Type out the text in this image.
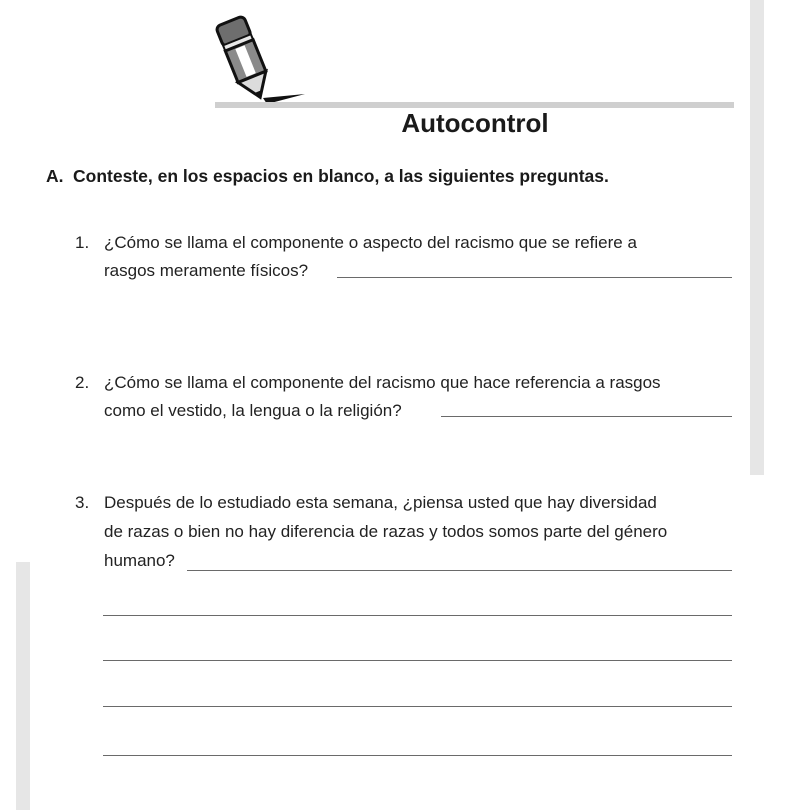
Autocontrol
A. Conteste, en los espacios en blanco, a las siguientes preguntas.
1. ¿Cómo se llama el componente o aspecto del racismo que se refiere a
rasgos meramente físicos?
2. ¿Cómo se llama el componente del racismo que hace referencia a rasgos
como el vestido, la lengua o la religión?
3. Después de lo estudiado esta semana, ¿piensa usted que hay diversidad
de razas o bien no hay diferencia de razas y todos somos parte del género
humano?
